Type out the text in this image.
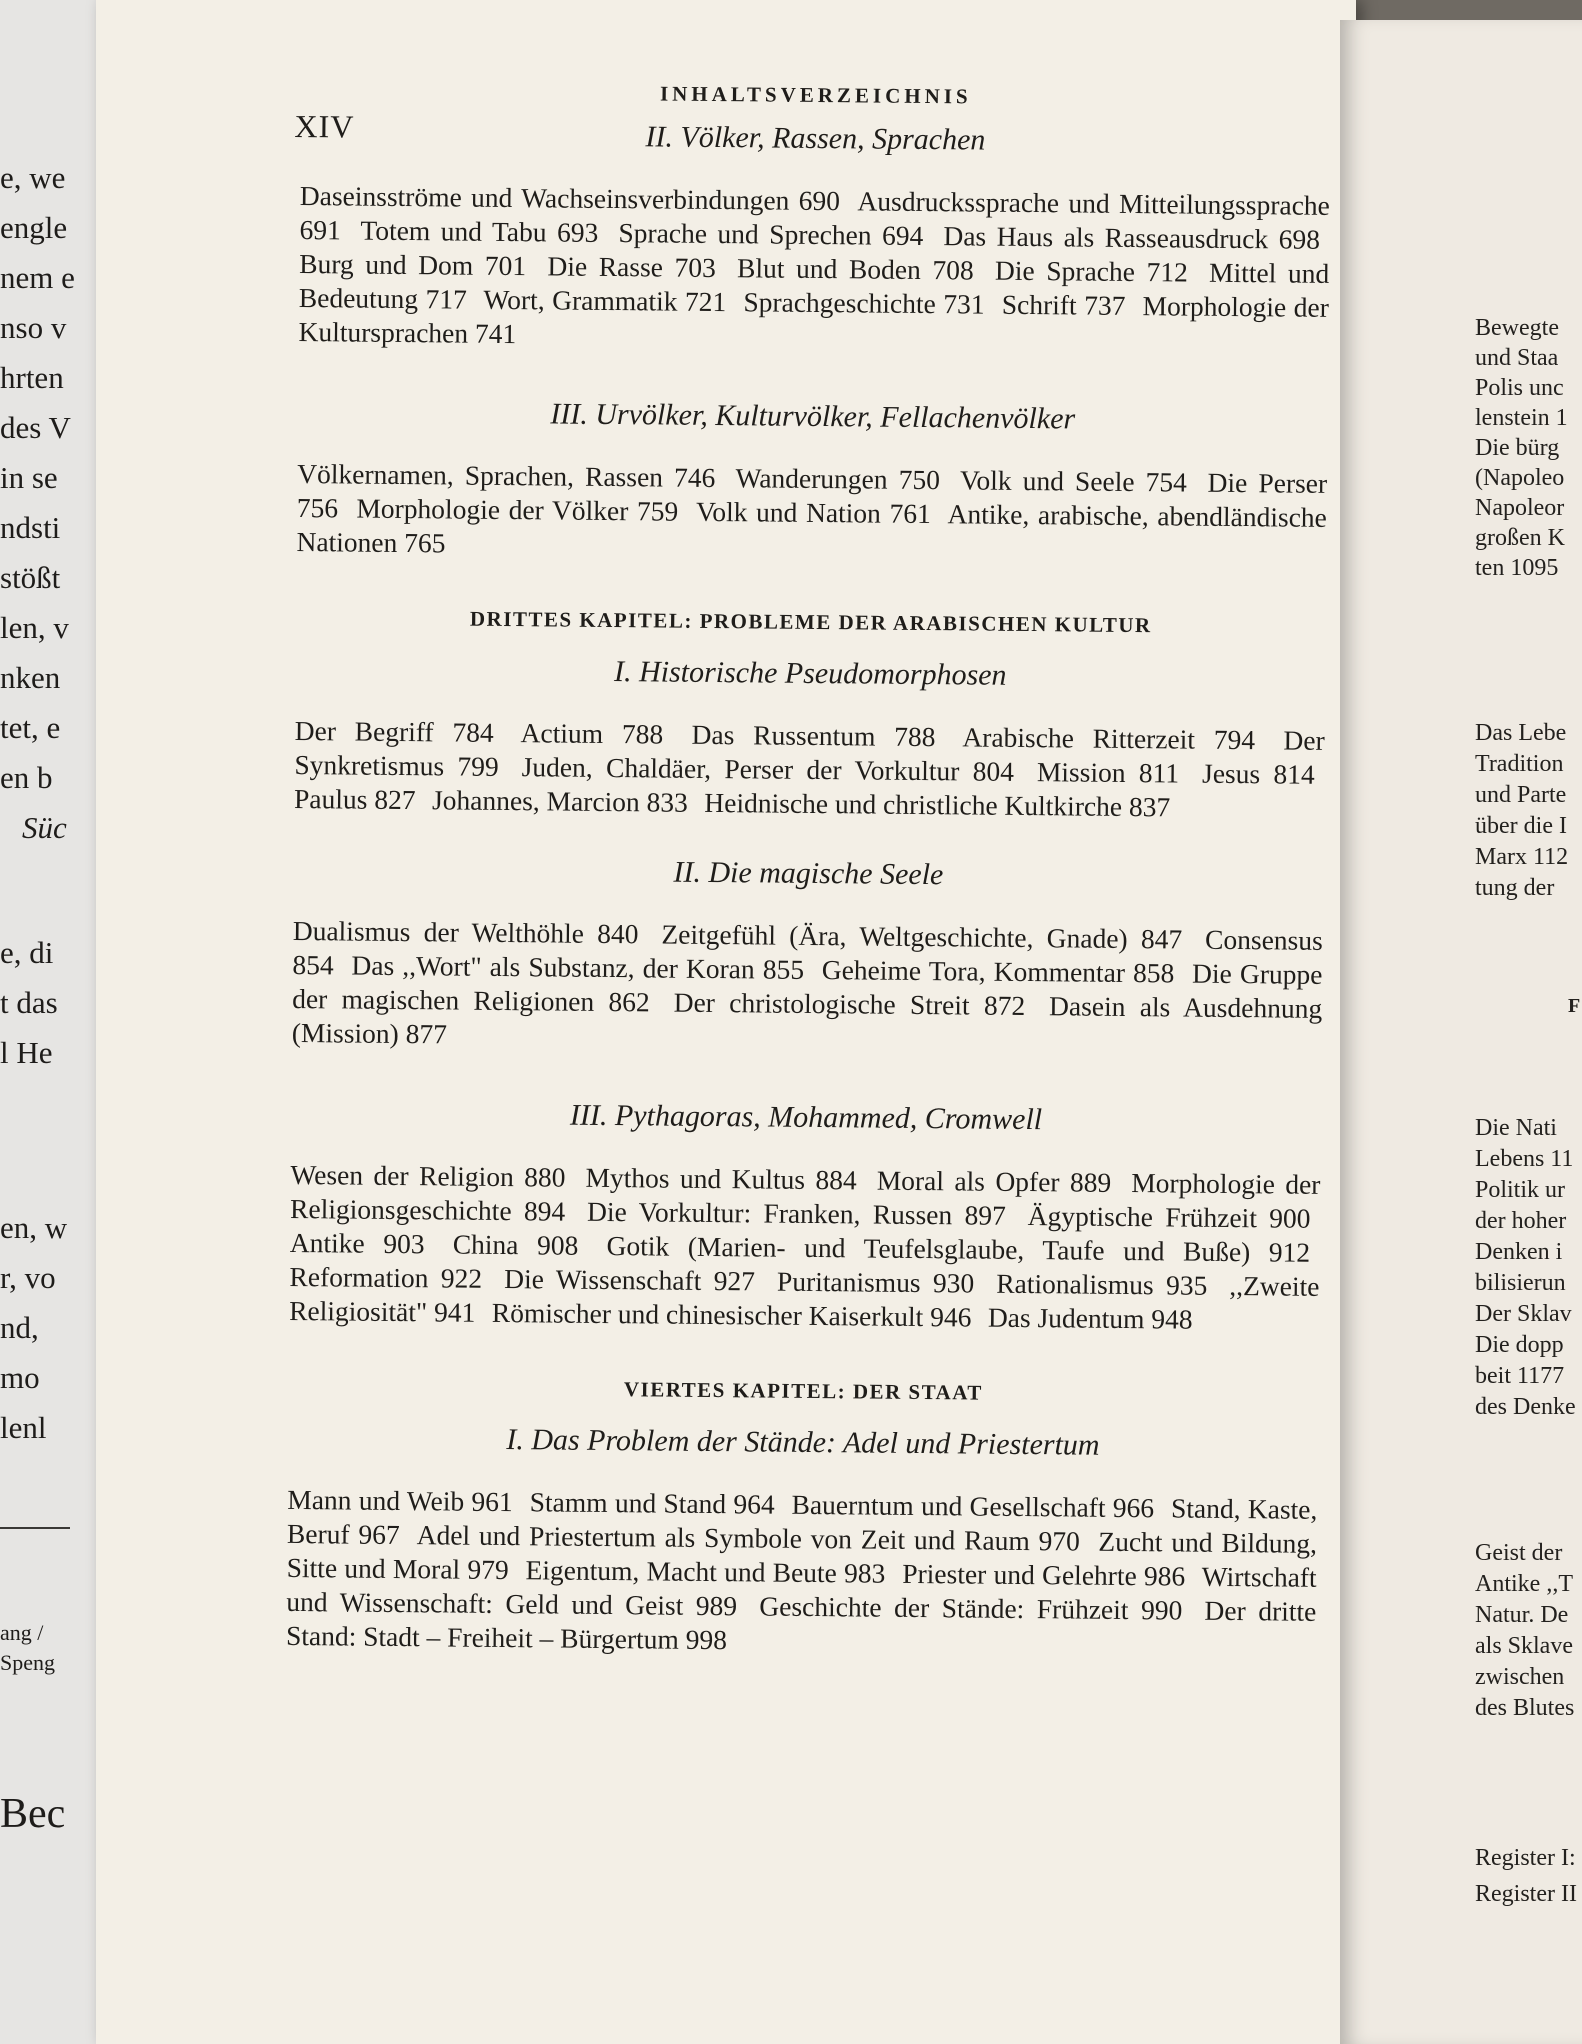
e, we
engle
nem e
nso v
hrten
des V
in se
ndsti
stößt
len, v
nken
tet, e
en b
Süc
e, di
t das
l He
en, w
r, vo
nd,
mo
lenl
ang /
Speng
Bec
XIV
INHALTSVERZEICHNIS
II. Völker, Rassen, Sprachen
Daseinsströme und Wachseinsverbindungen 690 Ausdruckssprache und Mitteilungssprache 691 Totem und Tabu 693 Sprache und Sprechen 694 Das Haus als Rasseausdruck 698 Burg und Dom 701 Die Rasse 703 Blut und Boden 708 Die Sprache 712 Mittel und Bedeutung 717 Wort, Grammatik 721 Sprachgeschichte 731 Schrift 737 Morphologie der Kultursprachen 741
III. Urvölker, Kulturvölker, Fellachenvölker
Völkernamen, Sprachen, Rassen 746 Wanderungen 750 Volk und Seele 754 Die Perser 756 Morphologie der Völker 759 Volk und Nation 761 Antike, arabische, abendländische Nationen 765
DRITTES KAPITEL: PROBLEME DER ARABISCHEN KULTUR
I. Historische Pseudomorphosen
Der Begriff 784 Actium 788 Das Russentum 788 Arabische Ritterzeit 794 Der Synkretismus 799 Juden, Chaldäer, Perser der Vorkultur 804 Mission 811 Jesus 814 Paulus 827 Johannes, Marcion 833 Heidnische und christliche Kultkirche 837
II. Die magische Seele
Dualismus der Welthöhle 840 Zeitgefühl (Ära, Weltgeschichte, Gnade) 847 Consensus 854 Das ,,Wort" als Substanz, der Koran 855 Geheime Tora, Kommentar 858 Die Gruppe der magischen Religionen 862 Der christologische Streit 872 Dasein als Ausdehnung (Mission) 877
III. Pythagoras, Mohammed, Cromwell
Wesen der Religion 880 Mythos und Kultus 884 Moral als Opfer 889 Morphologie der Religionsgeschichte 894 Die Vorkultur: Franken, Russen 897 Ägyptische Frühzeit 900 Antike 903 China 908 Gotik (Marien- und Teufelsglaube, Taufe und Buße) 912 Reformation 922 Die Wissenschaft 927 Puritanismus 930 Rationalismus 935 ,,Zweite Religiosität" 941 Römischer und chinesischer Kaiserkult 946 Das Judentum 948
VIERTES KAPITEL: DER STAAT
I. Das Problem der Stände: Adel und Priestertum
Mann und Weib 961 Stamm und Stand 964 Bauerntum und Gesellschaft 966 Stand, Kaste, Beruf 967 Adel und Priestertum als Symbole von Zeit und Raum 970 Zucht und Bildung, Sitte und Moral 979 Eigentum, Macht und Beute 983 Priester und Gelehrte 986 Wirtschaft und Wissenschaft: Geld und Geist 989 Geschichte der Stände: Frühzeit 990 Der dritte Stand: Stadt – Freiheit – Bürgertum 998
Bewegte
und Staa
Polis unc
lenstein 1
Die bürg
(Napoleo
Napoleor
großen K
ten 1095
Das Lebe
Tradition
und Parte
über die I
Marx 112
tung der
F
Die Nati
Lebens 11
Politik ur
der hoher
Denken i
bilisierun
Der Sklav
Die dopp
beit 1177
des Denke
Geist der
Antike ,,T
Natur. De
als Sklave
zwischen
des Blutes
Register I:
Register II
